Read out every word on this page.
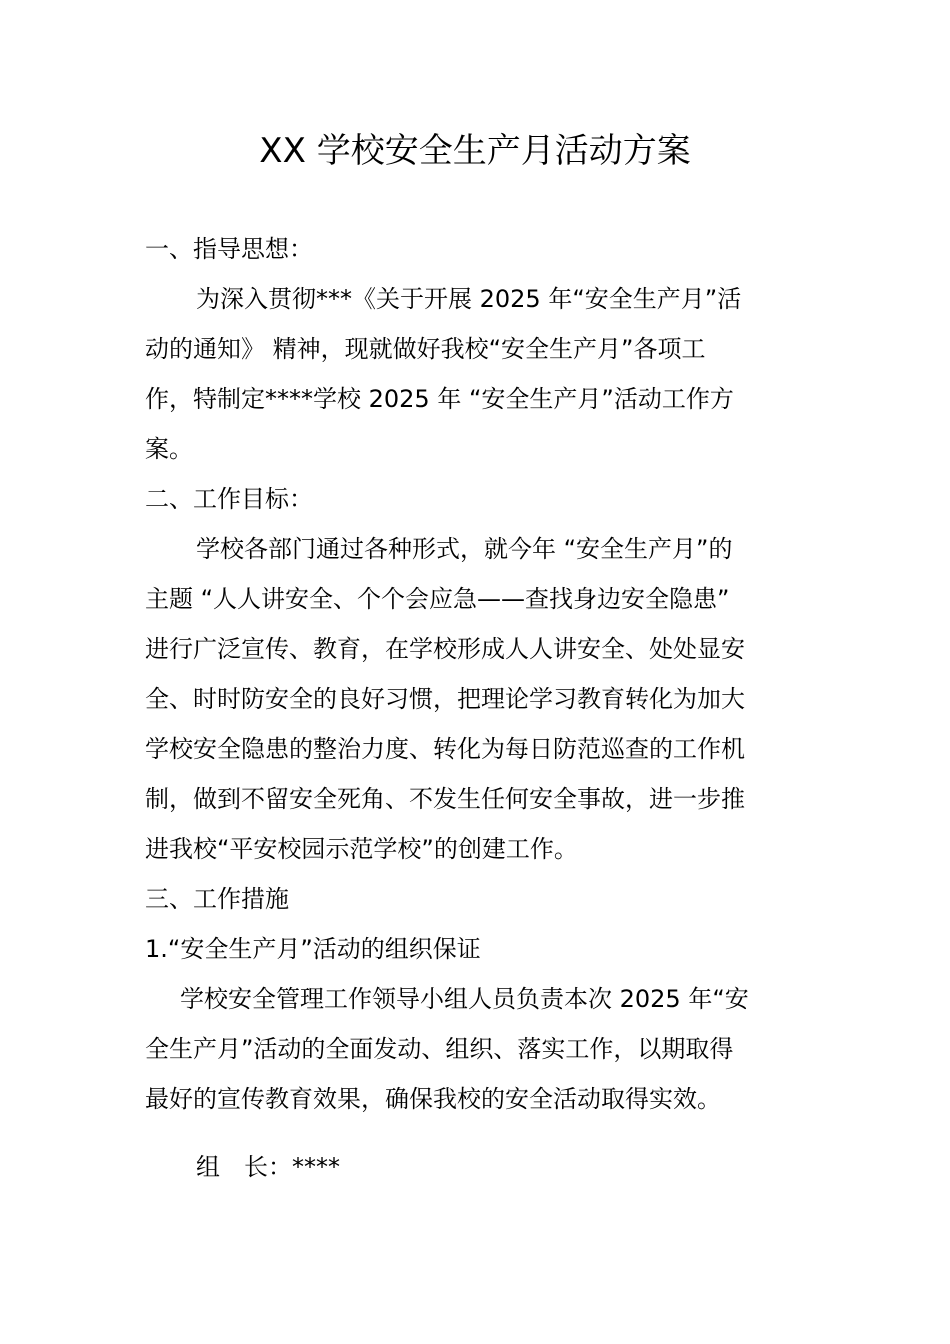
XX 学校安全生产月活动方案
一、指导思想：
为深入贯彻***《关于开展 2025 年“安全生产月”活
动的通知》 精神，现就做好我校“安全生产月”各项工
作，特制定****学校 2025 年 “安全生产月”活动工作方
案。
二、工作目标：
学校各部门通过各种形式，就今年 “安全生产月”的
主题 “人人讲安全、个个会应急——查找身边安全隐患”
进行广泛宣传、教育，在学校形成人人讲安全、处处显安
全、时时防安全的良好习惯，把理论学习教育转化为加大
学校安全隐患的整治力度、转化为每日防范巡查的工作机
制，做到不留安全死角、不发生任何安全事故，进一步推
进我校“平安校园示范学校”的创建工作。
三、工作措施
1.“安全生产月”活动的组织保证
学校安全管理工作领导小组人员负责本次 2025 年“安
全生产月”活动的全面发动、组织、落实工作，以期取得
最好的宣传教育效果，确保我校的安全活动取得实效。
组　长：****
